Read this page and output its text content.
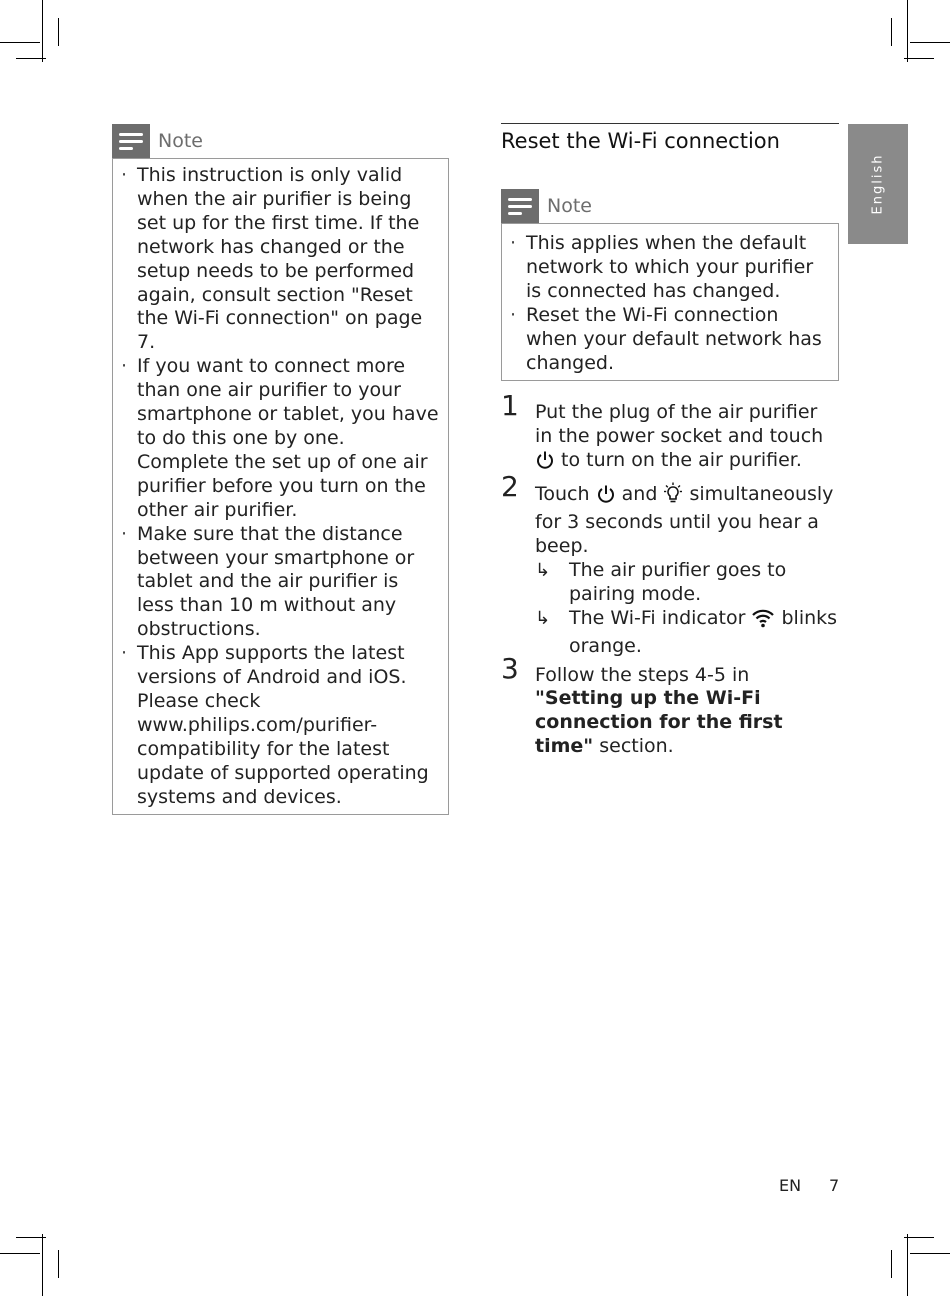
Note
· This instruction is only valid when the air purifier is being set up for the first time. If the network has changed or the setup needs to be performed again, consult section "Reset the Wi-Fi connection" on page 7.
· If you want to connect more than one air purifier to your smartphone or tablet, you have to do this one by one. Complete the set up of one air purifier before you turn on the other air purifier.
· Make sure that the distance between your smartphone or tablet and the air purifier is less than 10 m without any obstructions.
· This App supports the latest versions of Android and iOS. Please check www.philips.com/purifier-compatibility for the latest update of supported operating systems and devices.
Reset the Wi-Fi connection
Note
· This applies when the default network to which your purifier is connected has changed.
· Reset the Wi-Fi connection when your default network has changed.
1 Put the plug of the air purifier in the power socket and touch  to turn on the air purifier.
2 Touch and simultaneously for 3 seconds until you hear a beep.
↳ The air purifier goes to pairing mode.
↳ The Wi-Fi indicator blinks orange.
3 Follow the steps 4-5 in "Setting up the Wi-Fi connection for the first time" section.
English
EN 7
